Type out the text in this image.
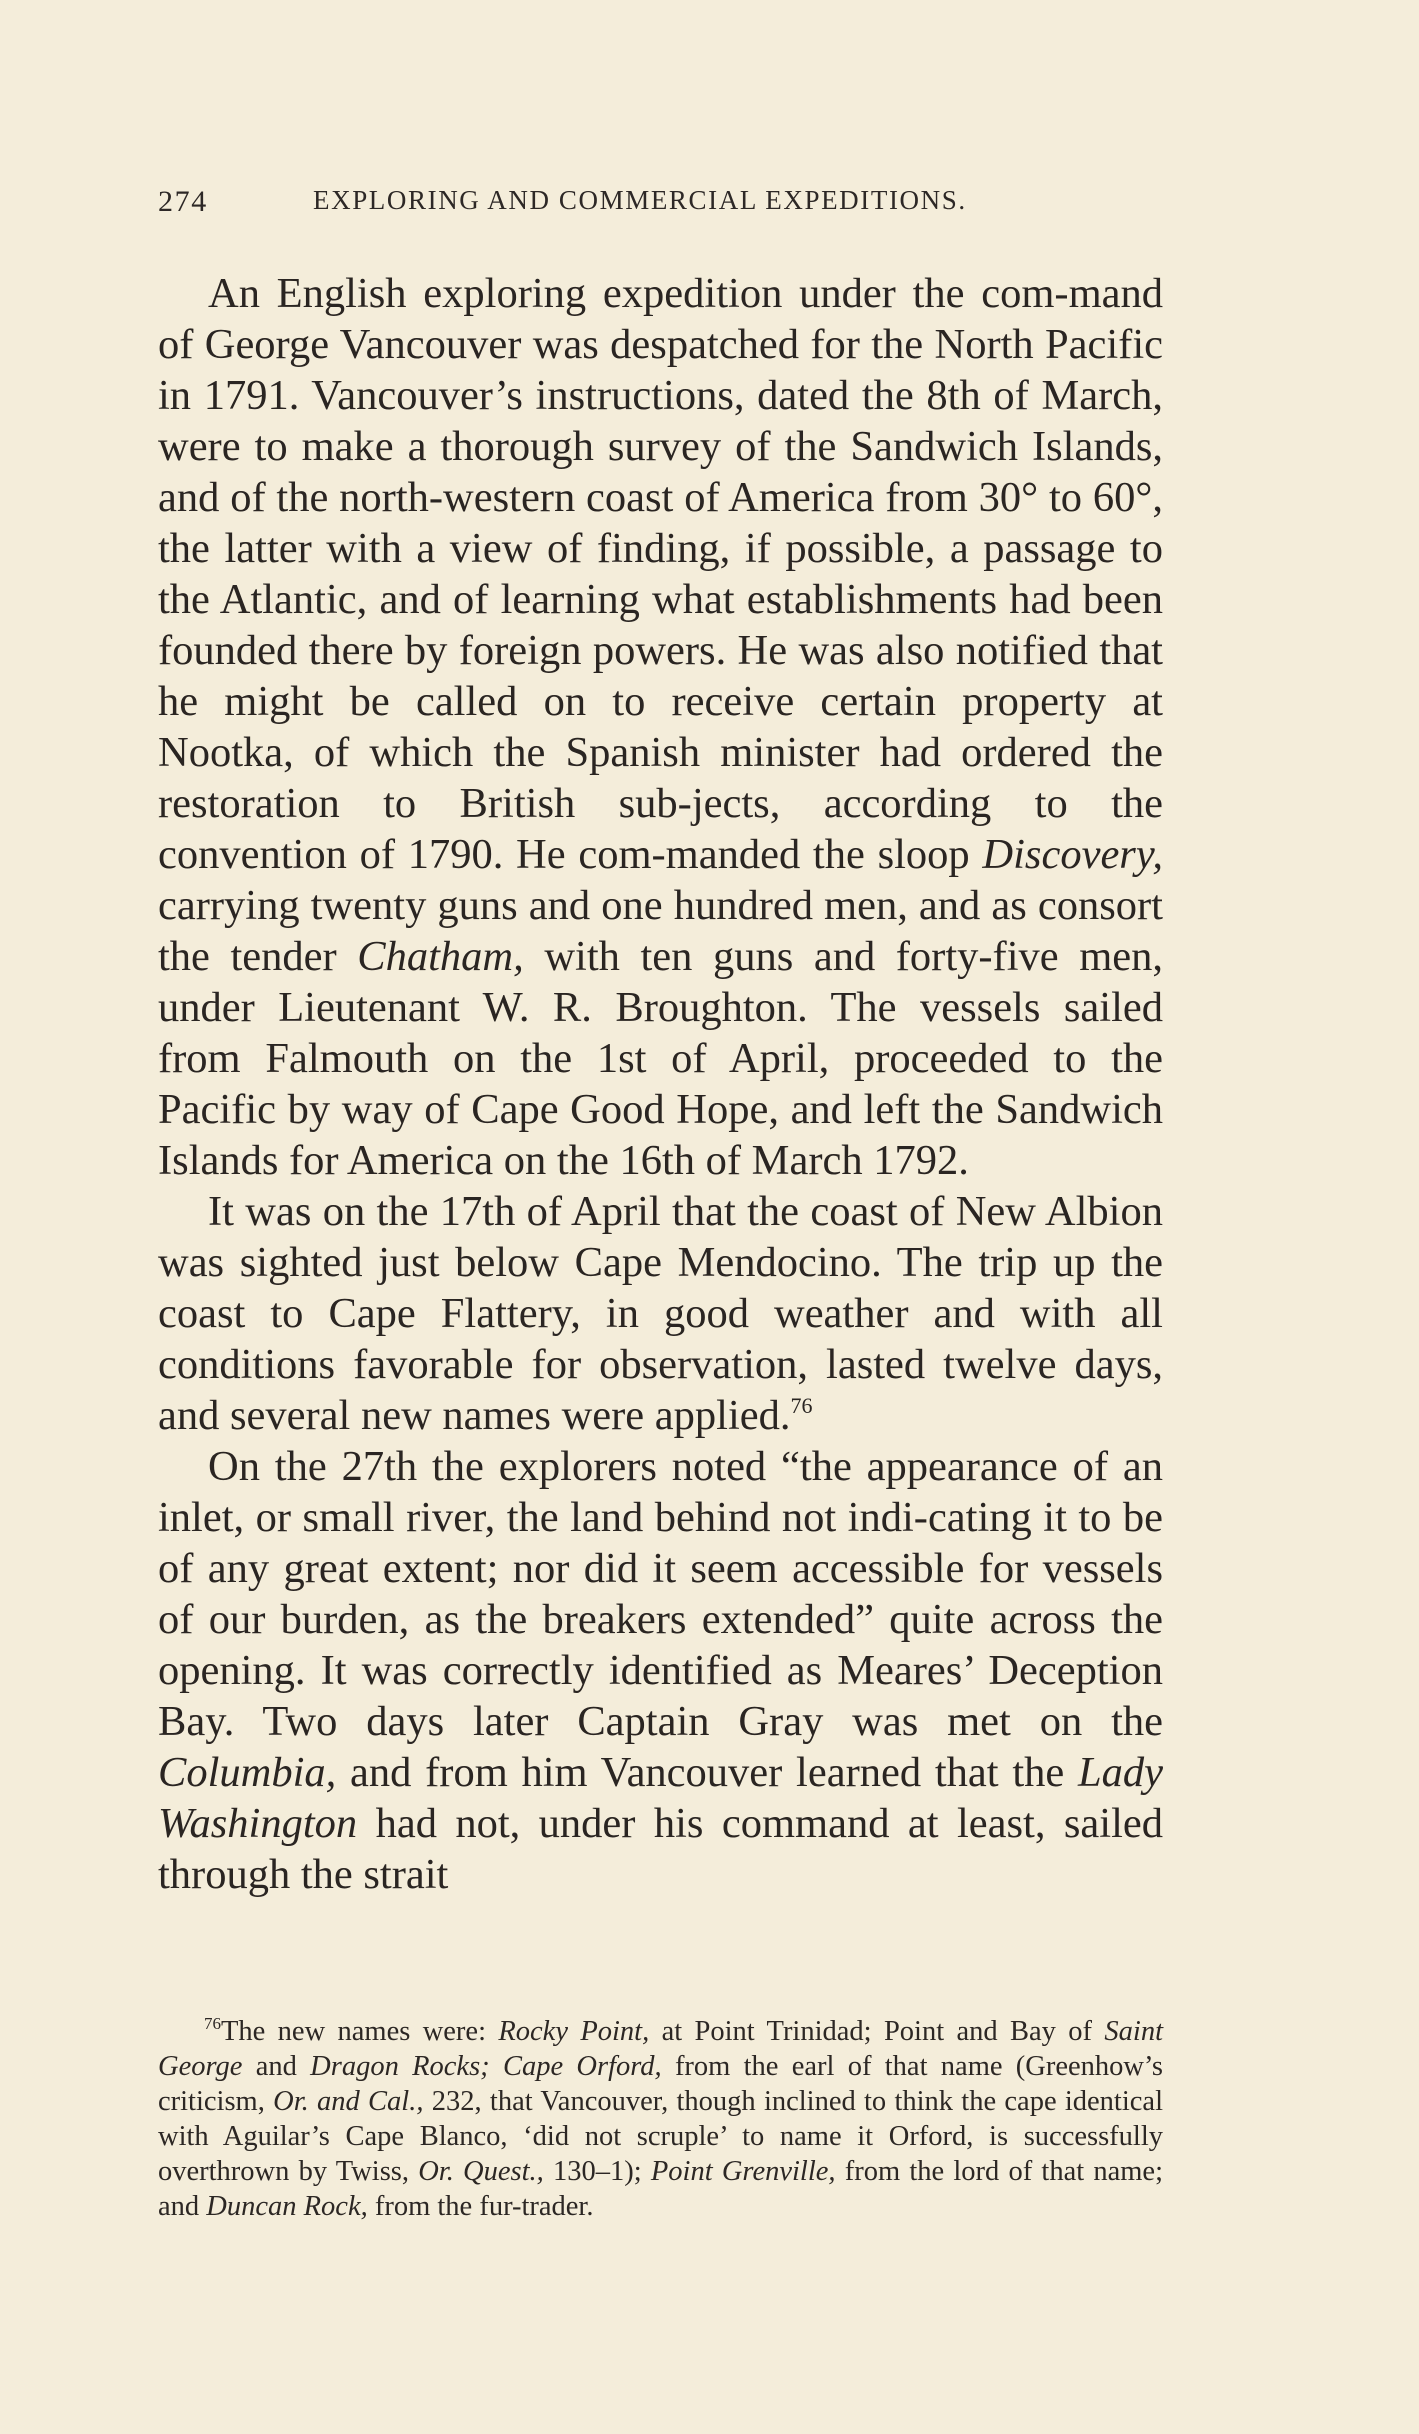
274	EXPLORING AND COMMERCIAL EXPEDITIONS.

An English exploring expedition under the com-mand of George Vancouver was despatched for the North Pacific in 1791. Vancouver’s instructions, dated the 8th of March, were to make a thorough survey of the Sandwich Islands, and of the north-western coast of America from 30° to 60°, the latter with a view of finding, if possible, a passage to the Atlantic, and of learning what establishments had been founded there by foreign powers. He was also notified that he might be called on to receive certain property at Nootka, of which the Spanish minister had ordered the restoration to British sub-jects, according to the convention of 1790. He com-manded the sloop Discovery, carrying twenty guns and one hundred men, and as consort the tender Chatham, with ten guns and forty-five men, under Lieutenant W. R. Broughton. The vessels sailed from Falmouth on the 1st of April, proceeded to the Pacific by way of Cape Good Hope, and left the Sandwich Islands for America on the 16th of March 1792.

It was on the 17th of April that the coast of New Albion was sighted just below Cape Mendocino. The trip up the coast to Cape Flattery, in good weather and with all conditions favorable for observation, lasted twelve days, and several new names were applied.$^{76}$

On the 27th the explorers noted “the appearance of an inlet, or small river, the land behind not indi-cating it to be of any great extent; nor did it seem accessible for vessels of our burden, as the breakers extended” quite across the opening. It was correctly identified as Meares’ Deception Bay. Two days later Captain Gray was met on the Columbia, and from him Vancouver learned that the Lady Washington had not, under his command at least, sailed through the strait

$^{76}$The new names were: Rocky Point, at Point Trinidad; Point and Bay of Saint George and Dragon Rocks; Cape Orford, from the earl of that name (Greenhow’s criticism, Or. and Cal., 232, that Vancouver, though inclined to think the cape identical with Aguilar’s Cape Blanco, ‘did not scruple’ to name it Orford, is successfully overthrown by Twiss, Or. Quest., 130–1); Point Grenville, from the lord of that name; and Duncan Rock, from the fur-trader.
